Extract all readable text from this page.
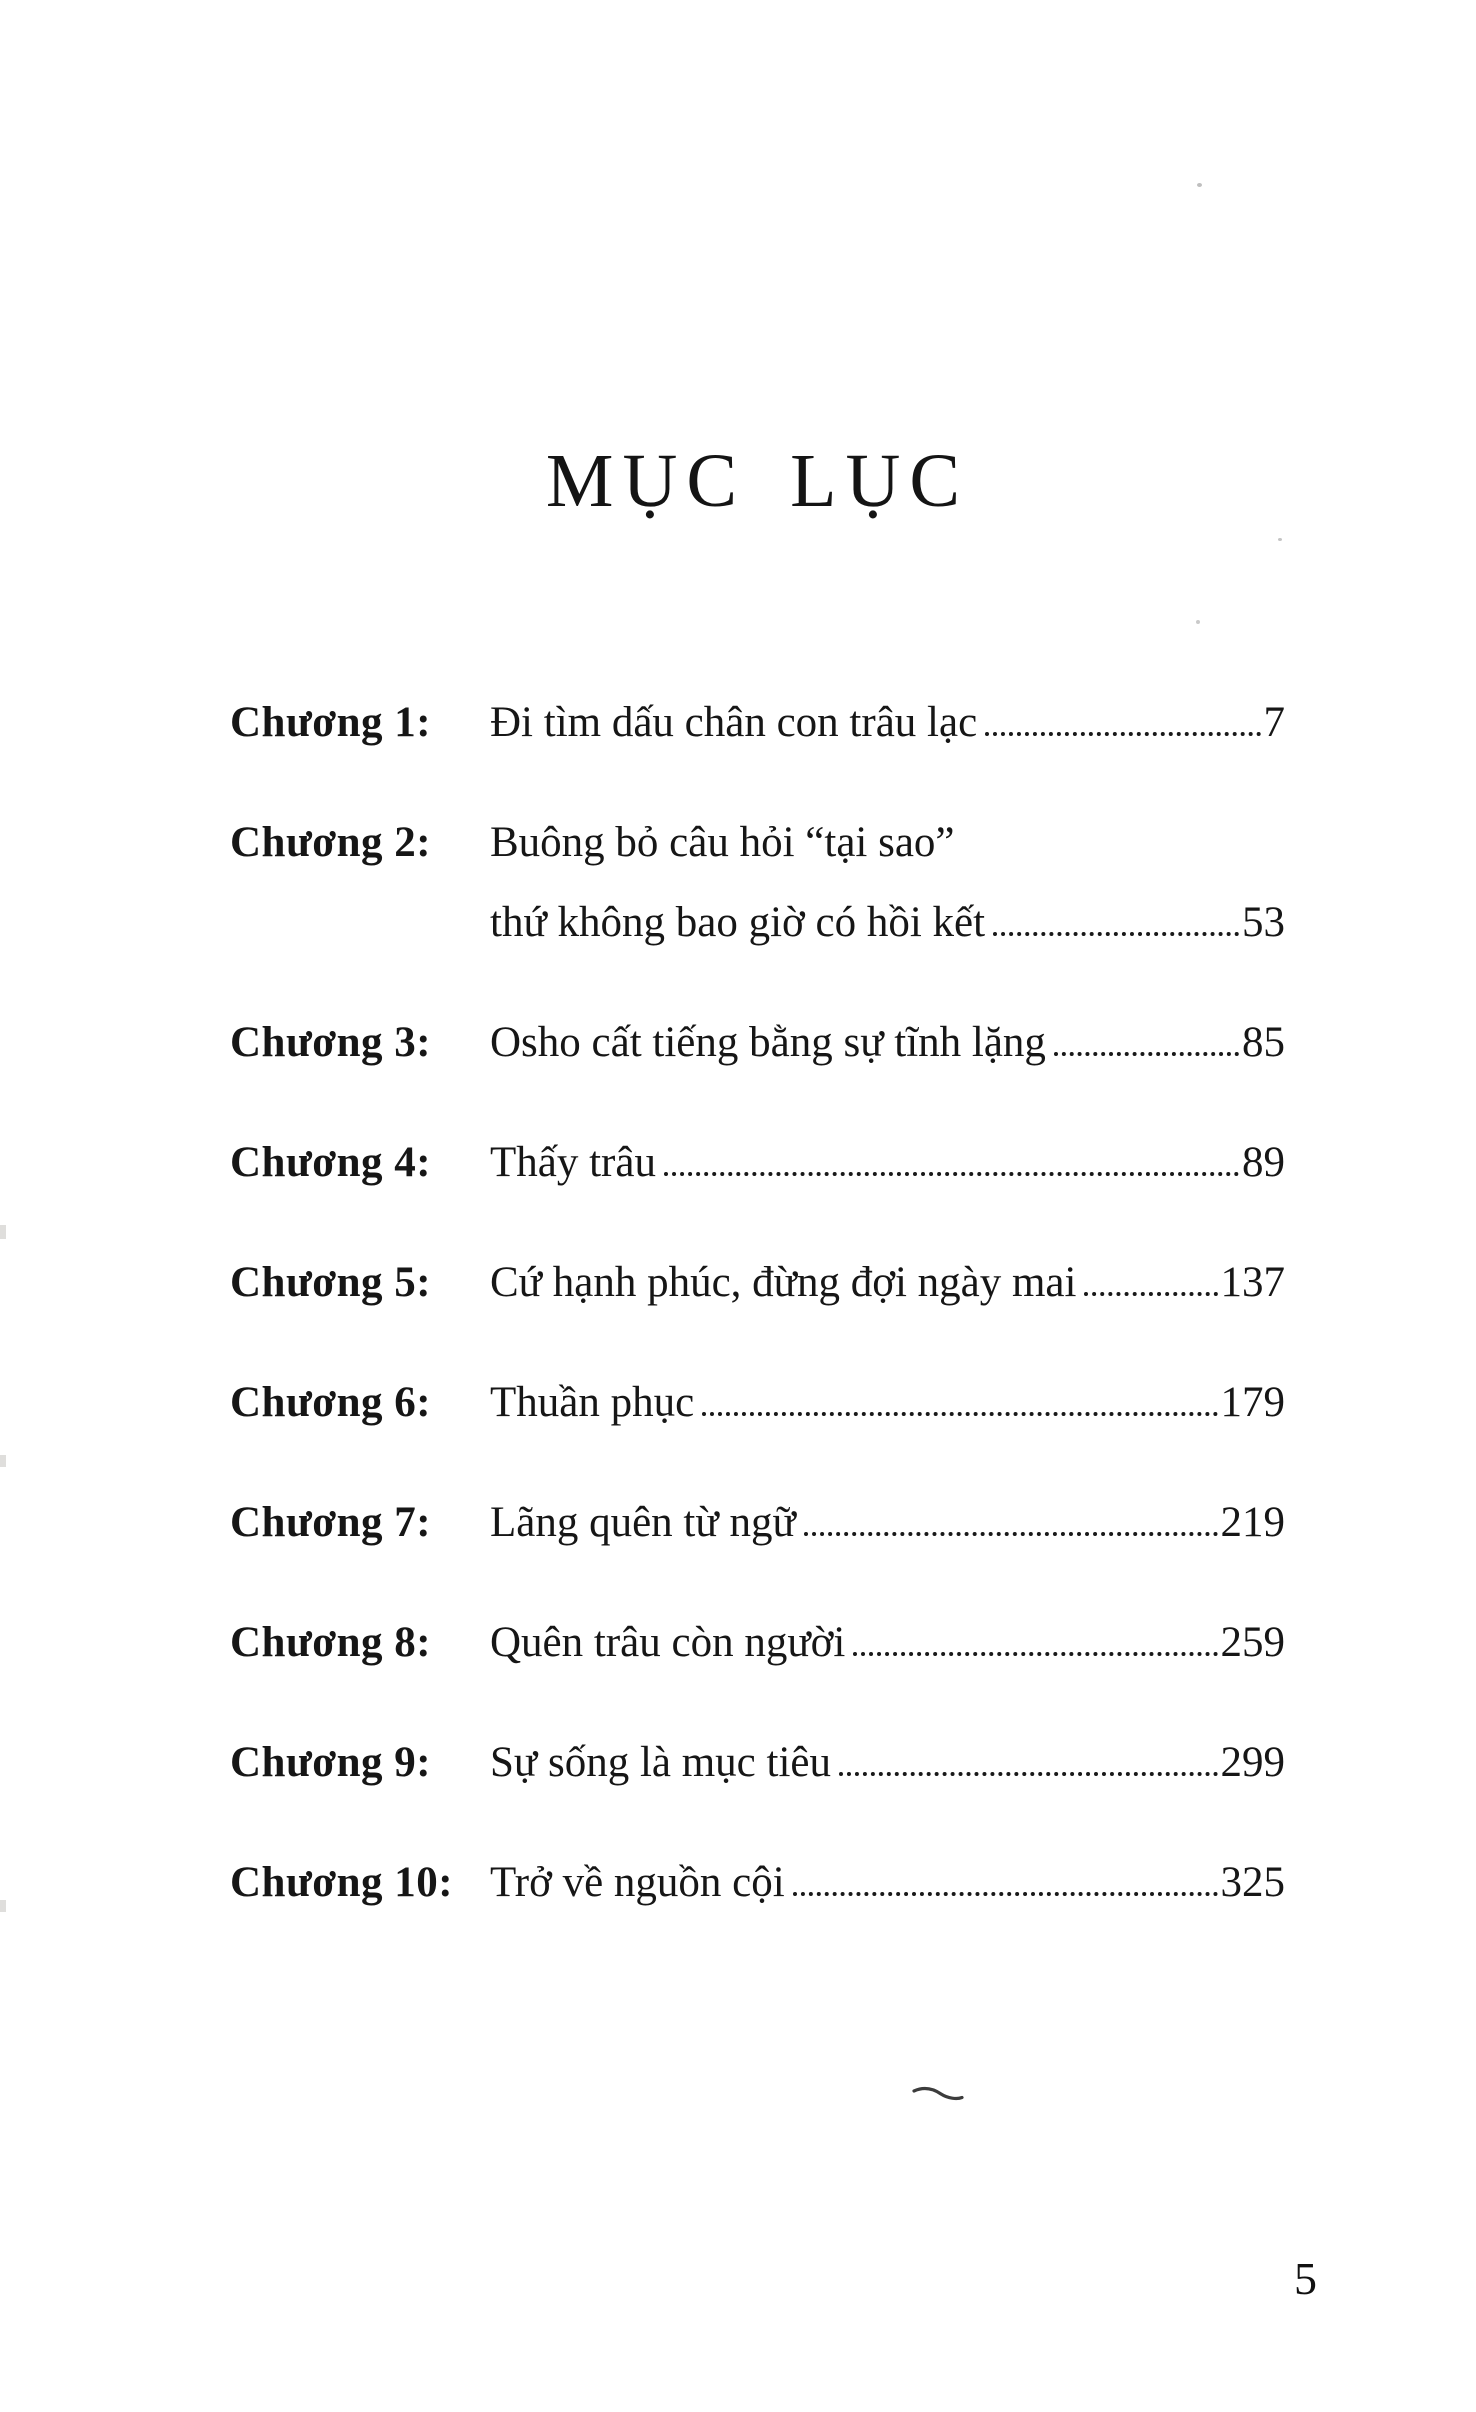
MỤC LỤC
Chương 1:	Đi tìm dấu chân con trâu lạc	7
Chương 2:	Buông bỏ câu hỏi “tại sao”
thứ không bao giờ có hồi kết	53
Chương 3:	Osho cất tiếng bằng sự tĩnh lặng	85
Chương 4:	Thấy trâu	89
Chương 5:	Cứ hạnh phúc, đừng đợi ngày mai	137
Chương 6:	Thuần phục	179
Chương 7:	Lãng quên từ ngữ	219
Chương 8:	Quên trâu còn người	259
Chương 9:	Sự sống là mục tiêu	299
Chương 10: Trở về nguồn cội	325
5
